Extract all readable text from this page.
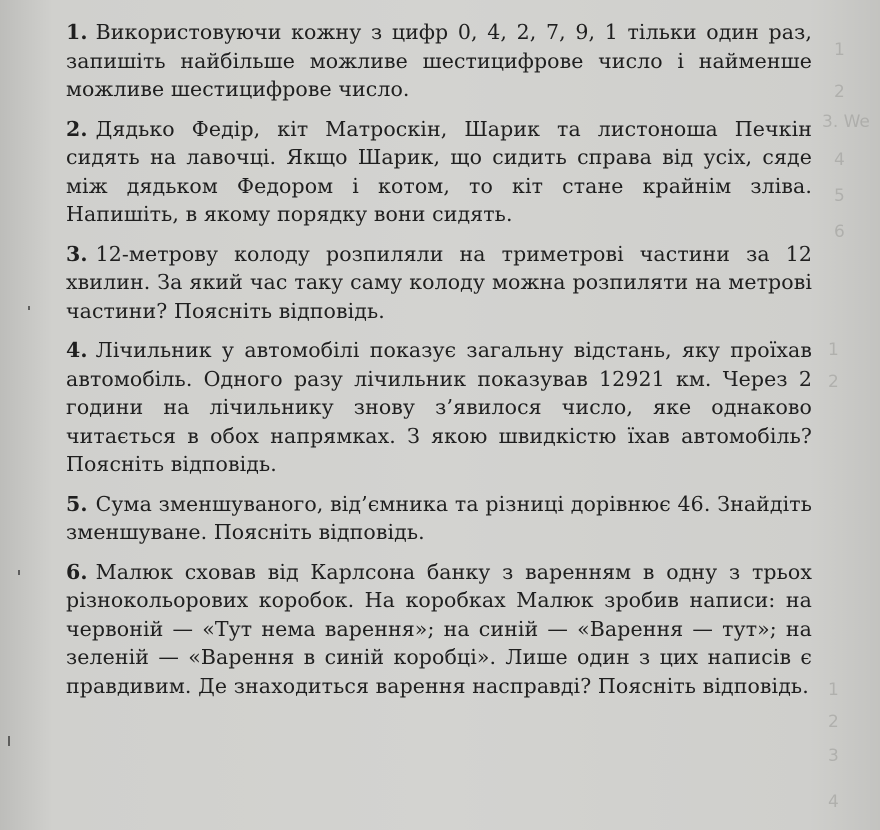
1
2
3. We
4
5
6
1
2
1
2
3
4

1. Використовуючи кожну з цифр 0, 4, 2, 7, 9, 1 тільки один раз, запишіть найбільше можливе шестицифрове число і найменше можливе шестицифрове число.

2. Дядько Федір, кіт Матроскін, Шарик та листоноша Печкін сидять на лавочці. Якщо Шарик, що сидить справа від усіх, сяде між дядьком Федором і котом, то кіт стане крайнім зліва. Напишіть, в якому порядку вони сидять.

3. 12-метрову колоду розпиляли на триметрові частини за 12 хвилин. За який час таку саму колоду можна розпиляти на метрові частини? Поясніть відповідь.

4. Лічильник у автомобілі показує загальну відстань, яку проїхав автомобіль. Одного разу лічильник показував 12921 км. Через 2 години на лічильнику знову з’явилося число, яке однаково читається в обох напрямках. З якою швидкістю їхав автомобіль? Поясніть відповідь.

5. Сума зменшуваного, від’ємника та різниці дорівнює 46. Знайдіть зменшуване. Поясніть відповідь.

6. Малюк сховав від Карлсона банку з варенням в одну з трьох різнокольорових коробок. На коробках Малюк зробив написи: на червоній — «Тут нема варення»; на синій — «Варення — тут»; на зеленій — «Варення в синій коробці». Лише один з цих написів є правдивим. Де знаходиться варення насправді? Поясніть відповідь.
